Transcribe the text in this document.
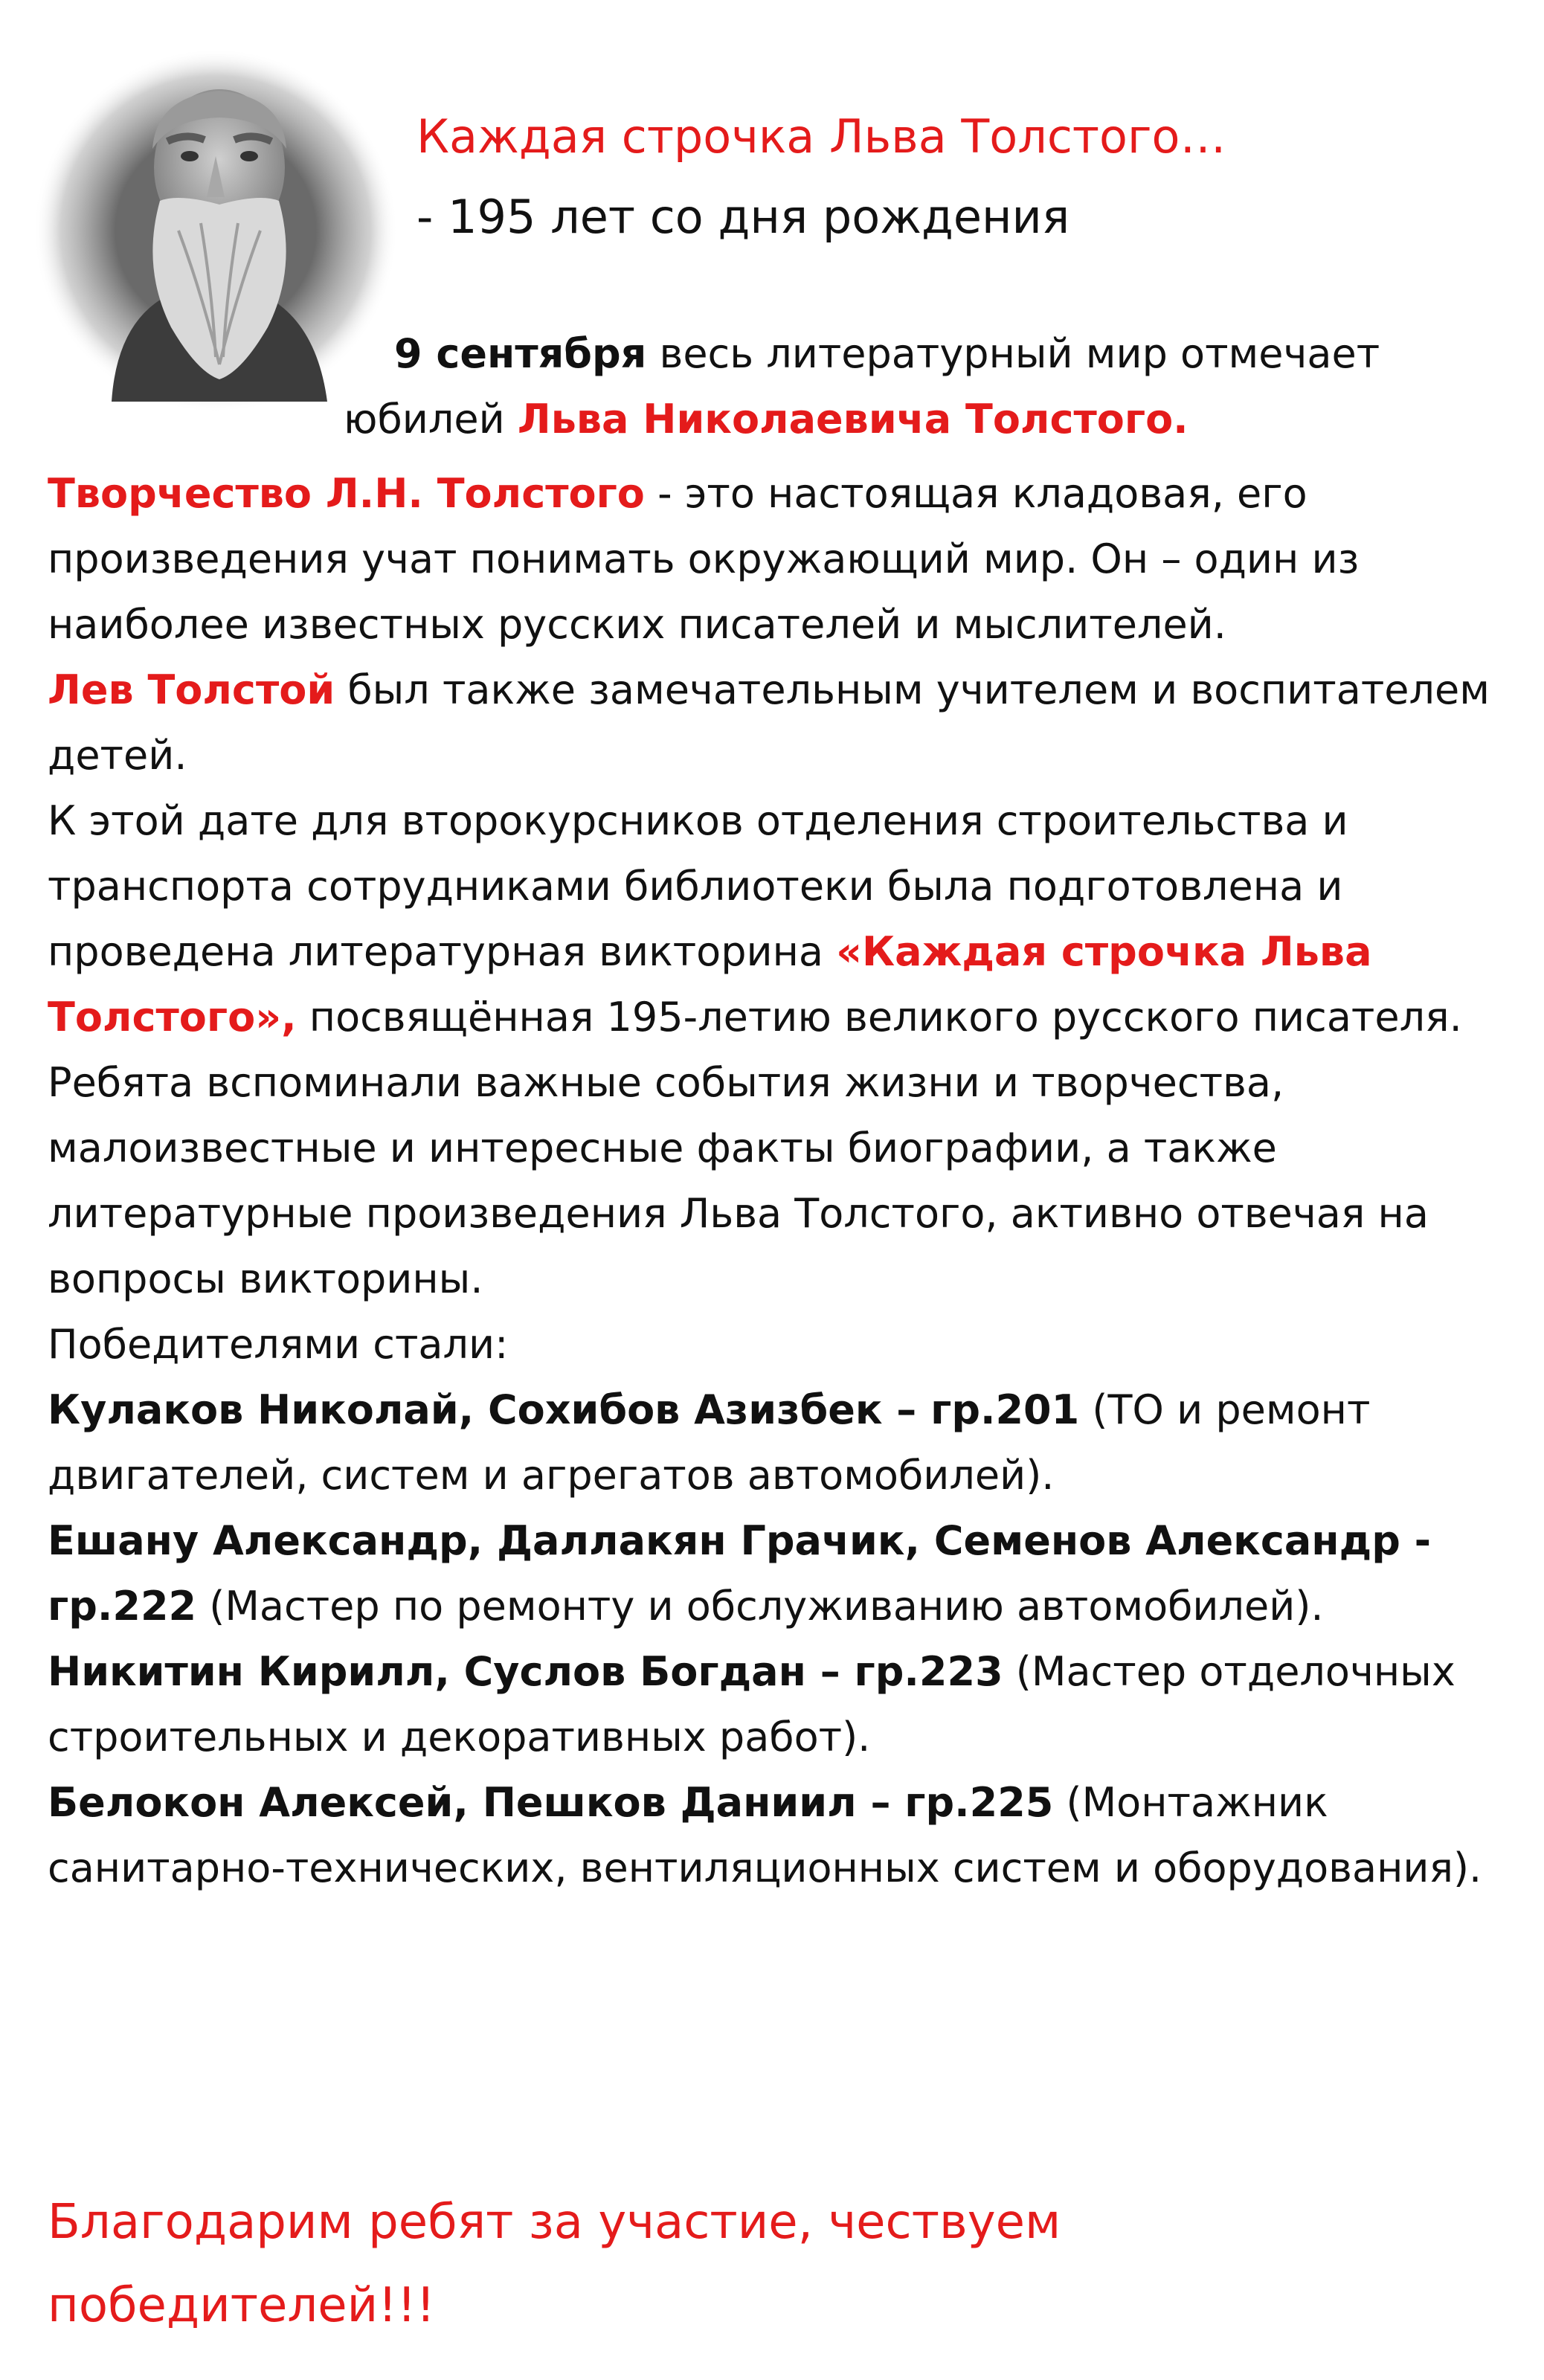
Каждая строчка Льва Толстого…
- 195 лет со дня рождения
9 сентября весь литературный мир отмечает
юбилей Льва Николаевича Толстого.

Творчество Л.Н. Толстого - это настоящая кладовая, его произведения учат понимать окружающий мир. Он – один из наиболее известных русских писателей и мыслителей.

Лев Толстой был также замечательным учителем и воспитателем детей.

К этой дате для второкурсников отделения строительства и транспорта сотрудниками библиотеки была подготовлена и проведена литературная викторина «Каждая строчка Льва Толстого», посвящённая 195-летию великого русского писателя.

Ребята вспоминали важные события жизни и творчества, малоизвестные и интересные факты биографии, а также литературные произведения Льва Толстого, активно отвечая на вопросы викторины.

Победителями стали:

Кулаков Николай, Сохибов Азизбек – гр.201 (ТО и ремонт двигателей, систем и агрегатов автомобилей).

Ешану Александр, Даллакян Грачик, Семенов Александр - гр.222 (Мастер по ремонту и обслуживанию автомобилей).

Никитин Кирилл, Суслов Богдан – гр.223 (Мастер отделочных строительных и декоративных работ).

Белокон Алексей, Пешков Даниил – гр.225 (Монтажник санитарно-технических, вентиляционных систем и оборудования).

Благодарим ребят за участие, чествуем победителей!!!
